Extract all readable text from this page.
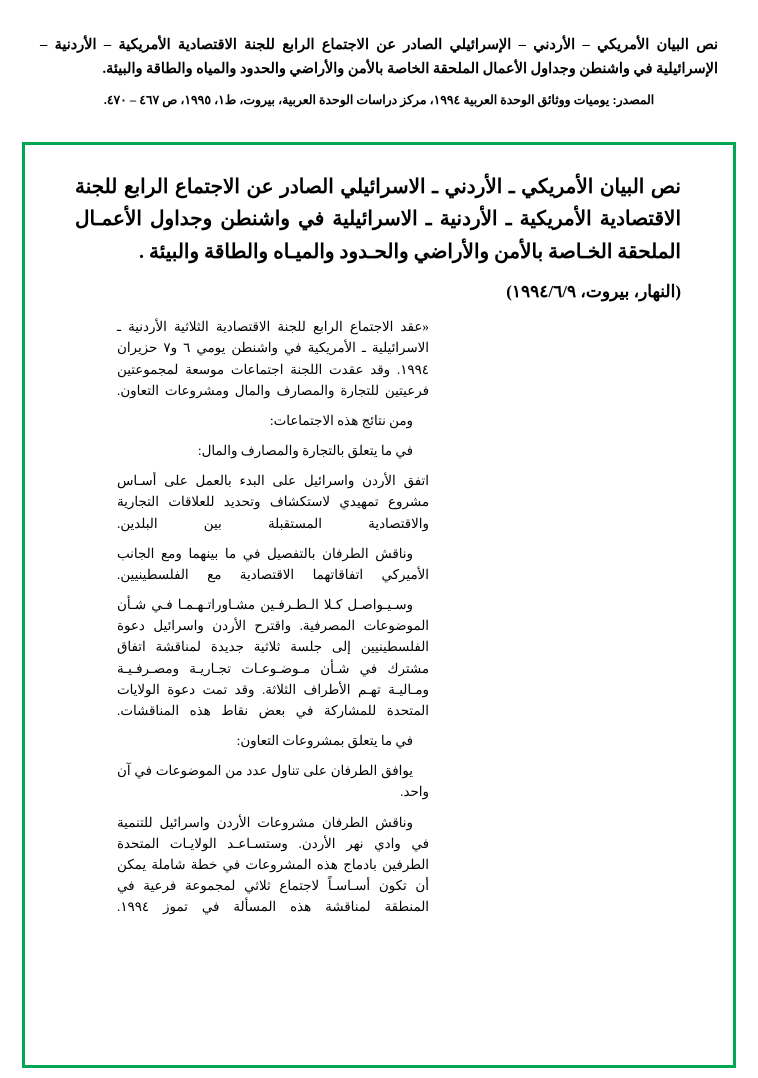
نص البيان الأمريكي – الأردني – الإسرائيلي الصادر عن الاجتماع الرابع للجنة الاقتصادية الأمريكية – الأردنية – الإسرائيلية في واشنطن وجداول الأعمال الملحقة الخاصة بالأمن والأراضي والحدود والمياه والطاقة والبيئة.
المصدر: يوميات ووثائق الوحدة العربية ١٩٩٤، مركز دراسات الوحدة العربية، بيروت، ط١، ١٩٩٥، ص ٤٦٧ – ٤٧٠.
نص البيان الأمريكي ـ الأردني ـ الاسرائيلي الصادر عن الاجتماع الرابع للجنة الاقتصادية الأمريكية ـ الأردنية ـ الاسرائيلية في واشنطن وجداول الأعمـال الملحقة الخـاصة بالأمن والأراضي والحـدود والميـاه والطاقة والبيئة .
(النهار، بيروت، ١٩٩٤/٦/٩)

«عقد الاجتماع الرابع للجنة الاقتصادية الثلاثية الأردنية ـ الاسرائيلية ـ الأمريكية في واشنطن يومي ٦ و٧ حزيران ١٩٩٤. وقد عقدت اللجنة اجتماعات موسعة لمجموعتين فرعيتين للتجارة والمصارف والمال ومشروعات التعاون.

ومن نتائج هذه الاجتماعات:

في ما يتعلق بالتجارة والمصارف والمال:

اتفق الأردن واسرائيل على البدء بالعمل على أسـاس مشروع تمهيدي لاستكشاف وتحديد للعلاقات التجارية والاقتصادية المستقبلة بين البلدين.

وناقش الطرفان بالتفصيل في ما بينهما ومع الجانب الأميركي اتفاقاتهما الاقتصادية مع الفلسطينيين.

وسـيـواصـل كـلا الـطـرفـين مشـاوراتـهـمـا فـي شـأن الموضوعات المصرفية. واقترح الأردن واسرائيل دعوة الفلسطينيين إلى جلسة ثلاثية جديدة لمناقشة اتفاق مشترك في شـأن مـوضـوعـات تجـاريـة ومصـرفـيـة ومـاليـة تهـم الأطراف الثلاثة. وقد تمت دعوة الولايات المتحدة للمشاركة في بعض نقاط هذه المناقشات.

في ما يتعلق بمشروعات التعاون:

يوافق الطرفان على تناول عدد من الموضوعات في آن واحد.

وناقش الطرفان مشروعات الأردن واسرائيل للتنمية في وادي نهر الأردن. وستسـاعـد الولايـات المتحدة الطرفين بادماج هذه المشروعات في خطة شاملة يمكن أن تكون أسـاسـاً لاجتماع ثلاثي لمجموعة فرعية في المنطقة لمناقشة هذه المسألة في تموز ١٩٩٤.
